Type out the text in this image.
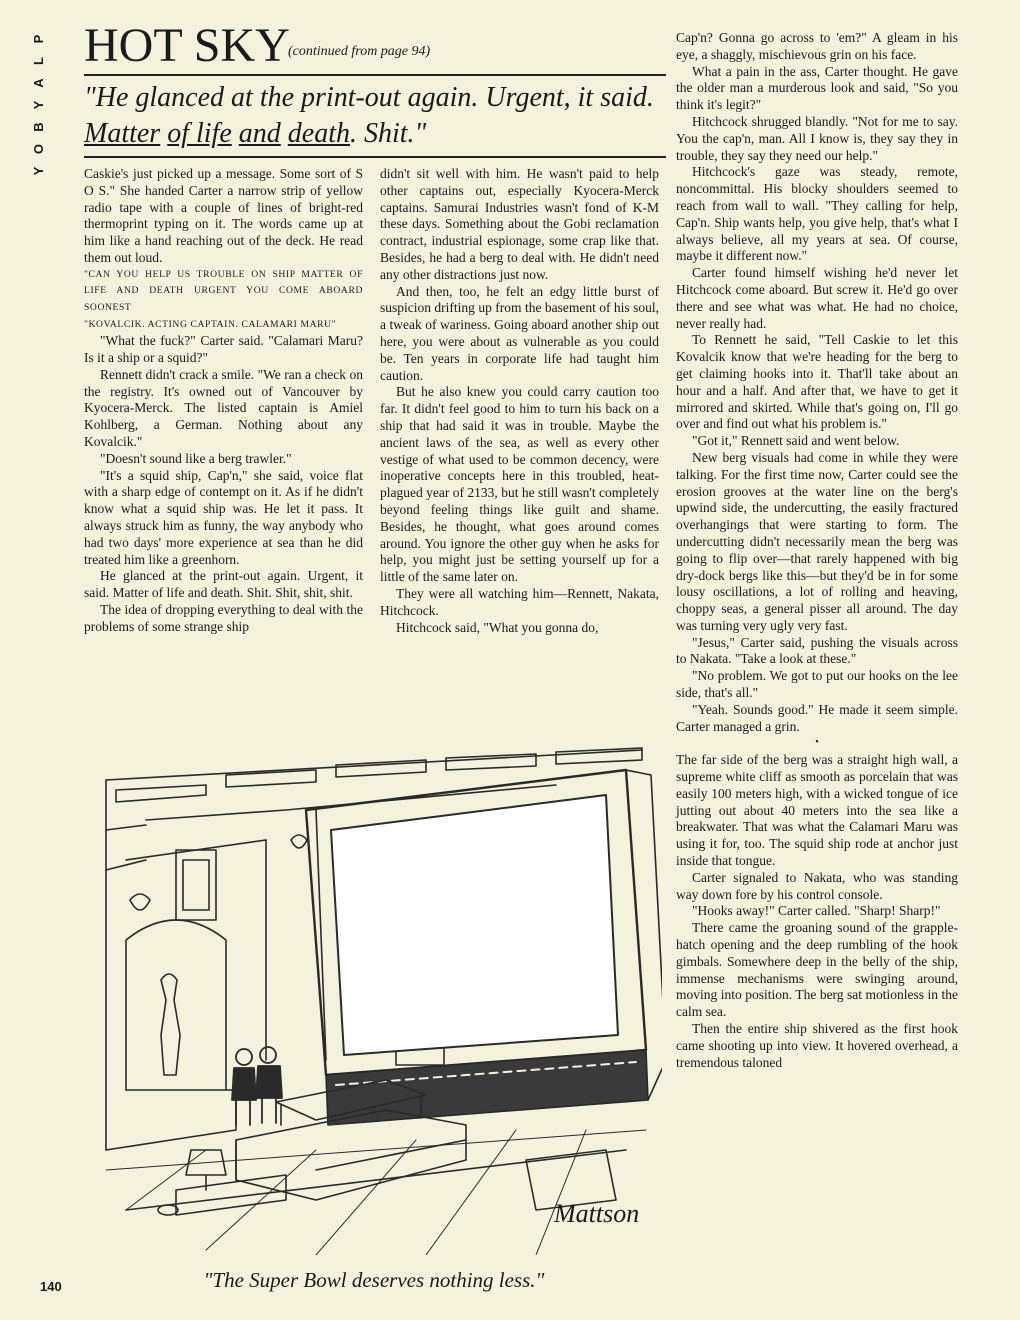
P
L
A
Y
B
O
Y
HOT SKY
(continued from page 94)
"He glanced at the print-out again. Urgent, it said. Matter of life and death. Shit."

Caskie's just picked up a message. Some sort of S O S." She handed Carter a narrow strip of yellow radio tape with a couple of lines of bright-red thermoprint typing on it. The words came up at him like a hand reaching out of the deck. He read them out loud.

"CAN YOU HELP US TROUBLE ON SHIP MATTER OF LIFE AND DEATH URGENT YOU COME ABOARD SOONEST

"KOVALCIK. ACTING CAPTAIN. CALAMARI MARU"

"What the fuck?" Carter said. "Calamari Maru? Is it a ship or a squid?"

Rennett didn't crack a smile. "We ran a check on the registry. It's owned out of Vancouver by Kyocera-Merck. The listed captain is Amiel Kohlberg, a German. Nothing about any Kovalcik."

"Doesn't sound like a berg trawler."

"It's a squid ship, Cap'n," she said, voice flat with a sharp edge of contempt on it. As if he didn't know what a squid ship was. He let it pass. It always struck him as funny, the way anybody who had two days' more experience at sea than he did treated him like a greenhorn.

He glanced at the print-out again. Urgent, it said. Matter of life and death. Shit. Shit, shit, shit.

The idea of dropping everything to deal with the problems of some strange ship

didn't sit well with him. He wasn't paid to help other captains out, especially Kyocera-Merck captains. Samurai Industries wasn't fond of K-M these days. Something about the Gobi reclamation contract, industrial espionage, some crap like that. Besides, he had a berg to deal with. He didn't need any other distractions just now.

And then, too, he felt an edgy little burst of suspicion drifting up from the basement of his soul, a tweak of wariness. Going aboard another ship out here, you were about as vulnerable as you could be. Ten years in corporate life had taught him caution.

But he also knew you could carry caution too far. It didn't feel good to him to turn his back on a ship that had said it was in trouble. Maybe the ancient laws of the sea, as well as every other vestige of what used to be common decency, were inoperative concepts here in this troubled, heat-plagued year of 2133, but he still wasn't completely beyond feeling things like guilt and shame. Besides, he thought, what goes around comes around. You ignore the other guy when he asks for help, you might just be setting yourself up for a little of the same later on.

They were all watching him—Rennett, Nakata, Hitchcock.

Hitchcock said, "What you gonna do,

Cap'n? Gonna go across to 'em?" A gleam in his eye, a shaggly, mischievous grin on his face.

What a pain in the ass, Carter thought. He gave the older man a murderous look and said, "So you think it's legit?"

Hitchcock shrugged blandly. "Not for me to say. You the cap'n, man. All I know is, they say they in trouble, they say they need our help."

Hitchcock's gaze was steady, remote, noncommittal. His blocky shoulders seemed to reach from wall to wall. "They calling for help, Cap'n. Ship wants help, you give help, that's what I always believe, all my years at sea. Of course, maybe it different now."

Carter found himself wishing he'd never let Hitchcock come aboard. But screw it. He'd go over there and see what was what. He had no choice, never really had.

To Rennett he said, "Tell Caskie to let this Kovalcik know that we're heading for the berg to get claiming hooks into it. That'll take about an hour and a half. And after that, we have to get it mirrored and skirted. While that's going on, I'll go over and find out what his problem is."

"Got it," Rennett said and went below.

New berg visuals had come in while they were talking. For the first time now, Carter could see the erosion grooves at the water line on the berg's upwind side, the undercutting, the easily fractured overhangings that were starting to form. The undercutting didn't necessarily mean the berg was going to flip over—that rarely happened with big dry-dock bergs like this—but they'd be in for some lousy oscillations, a lot of rolling and heaving, choppy seas, a general pisser all around. The day was turning very ugly very fast.

"Jesus," Carter said, pushing the visuals across to Nakata. "Take a look at these."

"No problem. We got to put our hooks on the lee side, that's all."

"Yeah. Sounds good." He made it seem simple. Carter managed a grin.

•

The far side of the berg was a straight high wall, a supreme white cliff as smooth as porcelain that was easily 100 meters high, with a wicked tongue of ice jutting out about 40 meters into the sea like a breakwater. That was what the Calamari Maru was using it for, too. The squid ship rode at anchor just inside that tongue.

Carter signaled to Nakata, who was standing way down fore by his control console.

"Hooks away!" Carter called. "Sharp! Sharp!"

There came the groaning sound of the grapple-hatch opening and the deep rumbling of the hook gimbals. Somewhere deep in the belly of the ship, immense mechanisms were swinging around, moving into position. The berg sat motionless in the calm sea.

Then the entire ship shivered as the first hook came shooting up into view. It hovered overhead, a tremendous taloned

Mattson
"The Super Bowl deserves nothing less."
140
